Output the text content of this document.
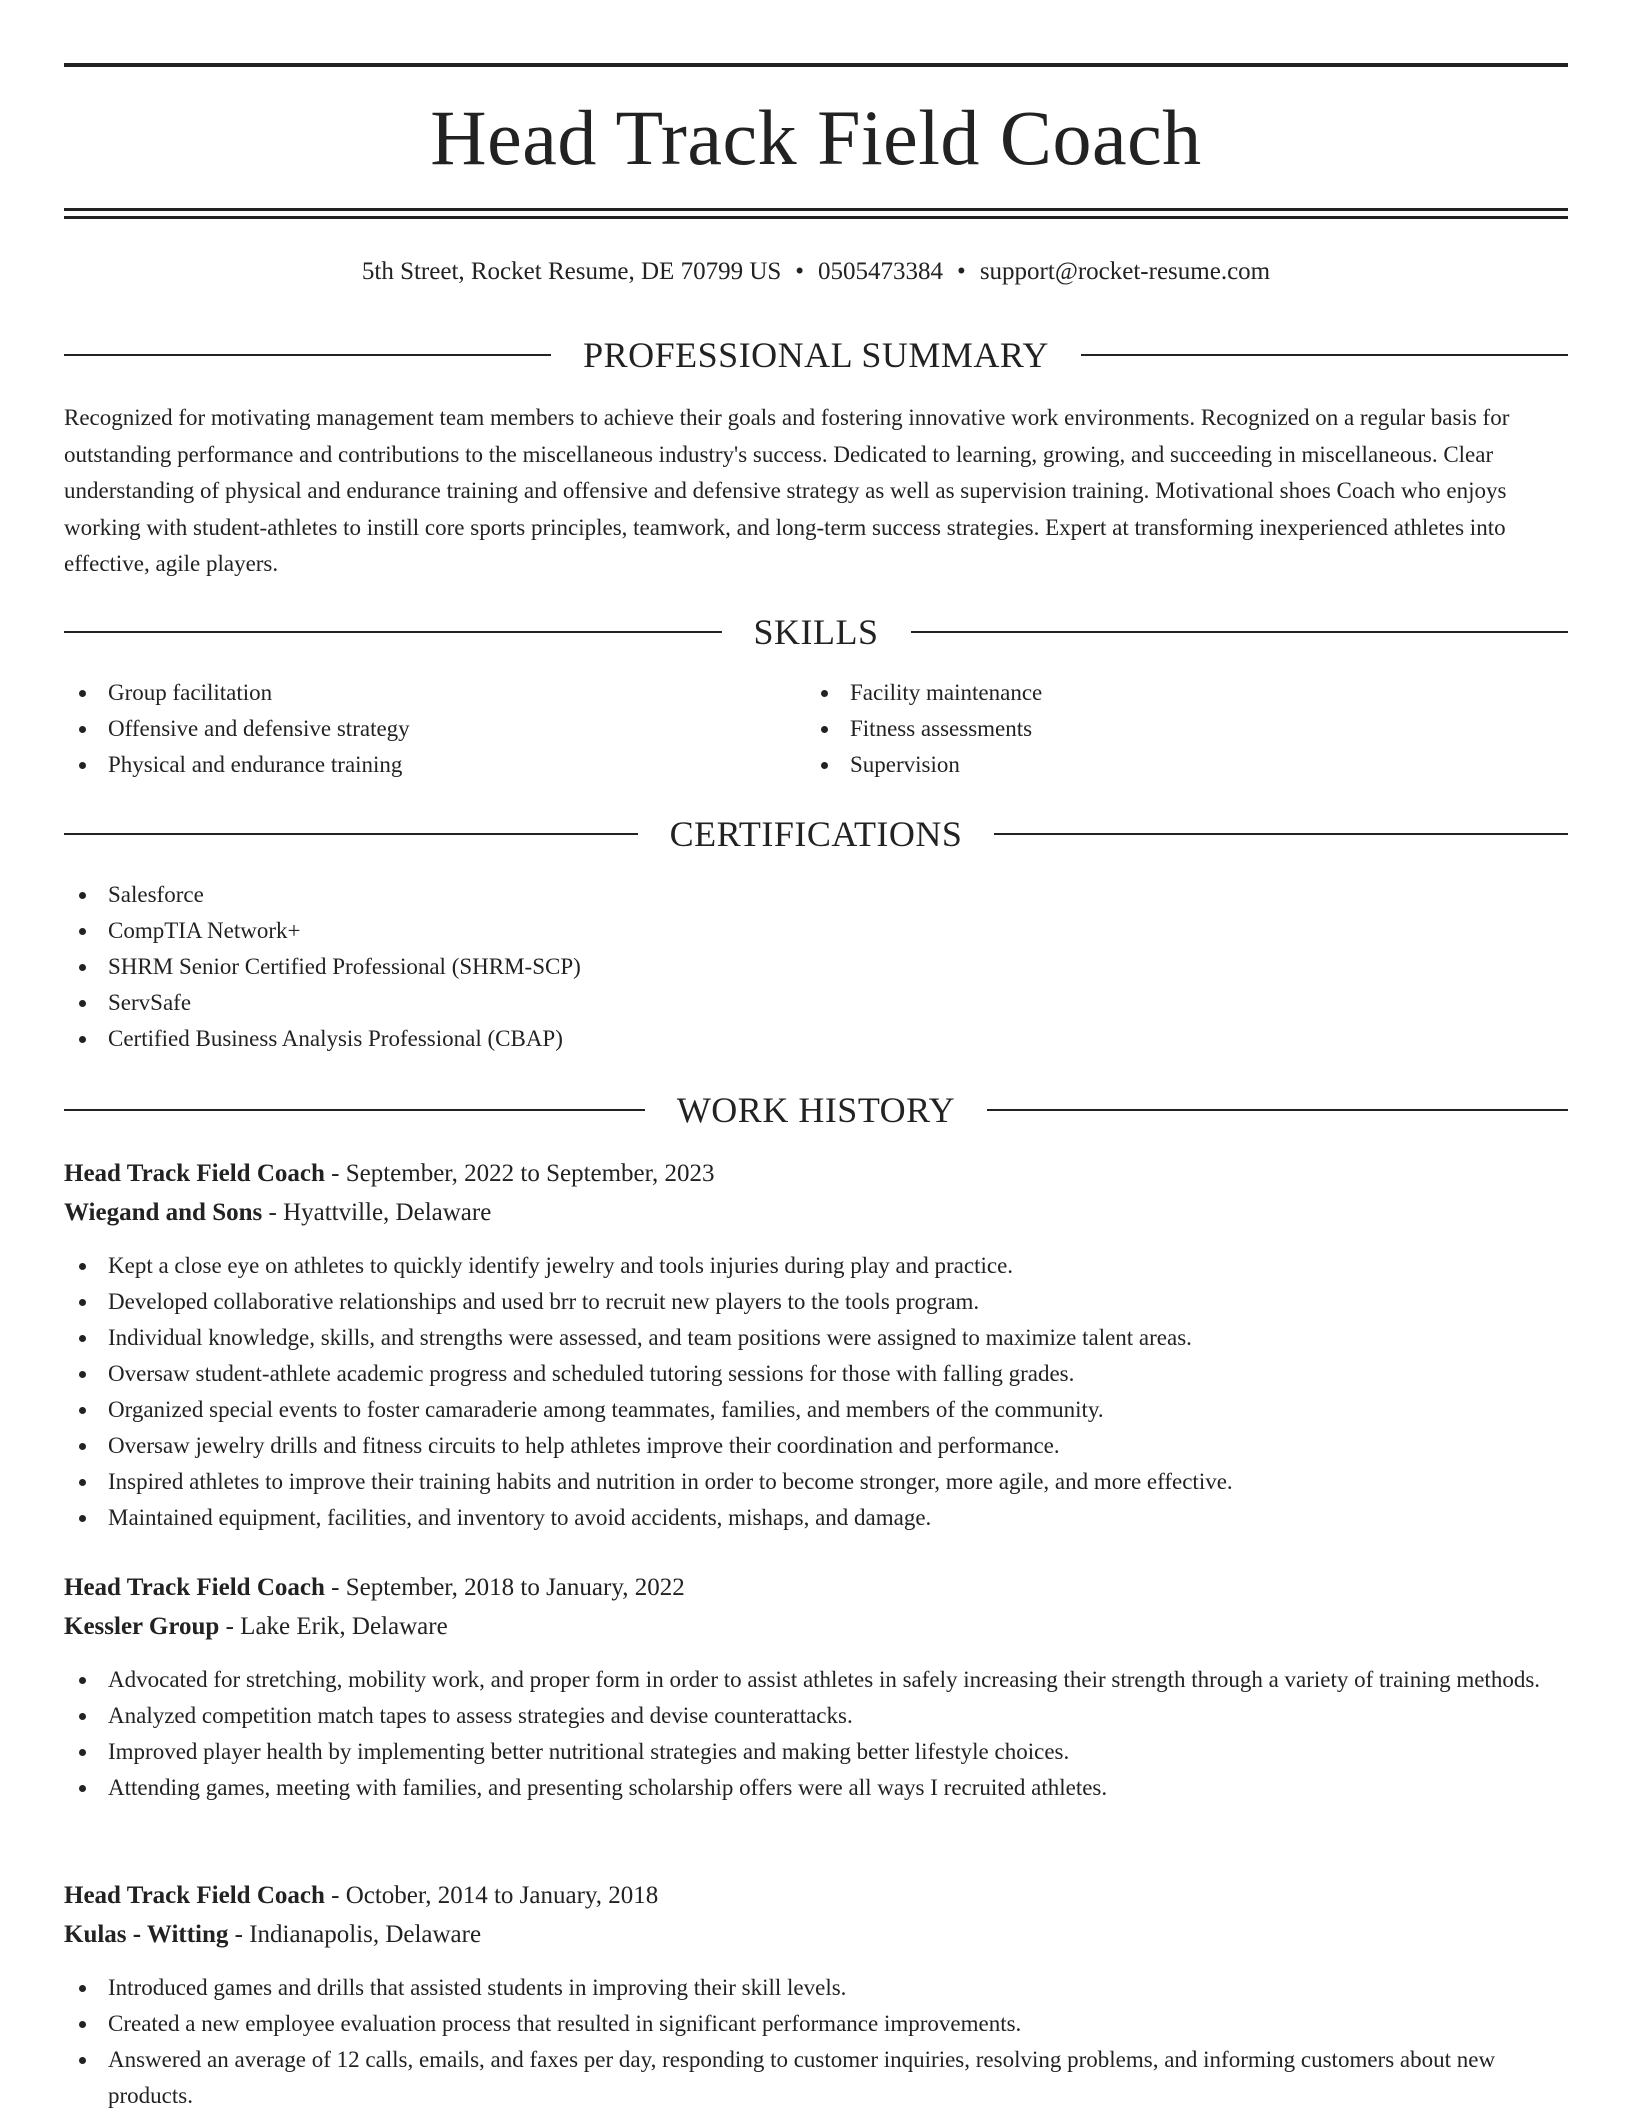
Head Track Field Coach
5th Street, Rocket Resume, DE 70799 US • 0505473384 • support@rocket-resume.com
PROFESSIONAL SUMMARY

Recognized for motivating management team members to achieve their goals and fostering innovative work environments. Recognized on a regular basis for outstanding performance and contributions to the miscellaneous industry's success. Dedicated to learning, growing, and succeeding in miscellaneous. Clear understanding of physical and endurance training and offensive and defensive strategy as well as supervision training. Motivational shoes Coach who enjoys working with student-athletes to instill core sports principles, teamwork, and long-term success strategies. Expert at transforming inexperienced athletes into effective, agile players.

SKILLS
Group facilitation
Offensive and defensive strategy
Physical and endurance training
Facility maintenance
Fitness assessments
Supervision
CERTIFICATIONS
Salesforce
CompTIA Network+
SHRM Senior Certified Professional (SHRM-SCP)
ServSafe
Certified Business Analysis Professional (CBAP)
WORK HISTORY
Head Track Field Coach - September, 2022 to September, 2023
Wiegand and Sons - Hyattville, Delaware
Kept a close eye on athletes to quickly identify jewelry and tools injuries during play and practice.
Developed collaborative relationships and used brr to recruit new players to the tools program.
Individual knowledge, skills, and strengths were assessed, and team positions were assigned to maximize talent areas.
Oversaw student-athlete academic progress and scheduled tutoring sessions for those with falling grades.
Organized special events to foster camaraderie among teammates, families, and members of the community.
Oversaw jewelry drills and fitness circuits to help athletes improve their coordination and performance.
Inspired athletes to improve their training habits and nutrition in order to become stronger, more agile, and more effective.
Maintained equipment, facilities, and inventory to avoid accidents, mishaps, and damage.
Head Track Field Coach - September, 2018 to January, 2022
Kessler Group - Lake Erik, Delaware
Advocated for stretching, mobility work, and proper form in order to assist athletes in safely increasing their strength through a variety of training methods.
Analyzed competition match tapes to assess strategies and devise counterattacks.
Improved player health by implementing better nutritional strategies and making better lifestyle choices.
Attending games, meeting with families, and presenting scholarship offers were all ways I recruited athletes.
Head Track Field Coach - October, 2014 to January, 2018
Kulas - Witting - Indianapolis, Delaware
Introduced games and drills that assisted students in improving their skill levels.
Created a new employee evaluation process that resulted in significant performance improvements.
Answered an average of 12 calls, emails, and faxes per day, responding to customer inquiries, resolving problems, and informing customers about new products.
